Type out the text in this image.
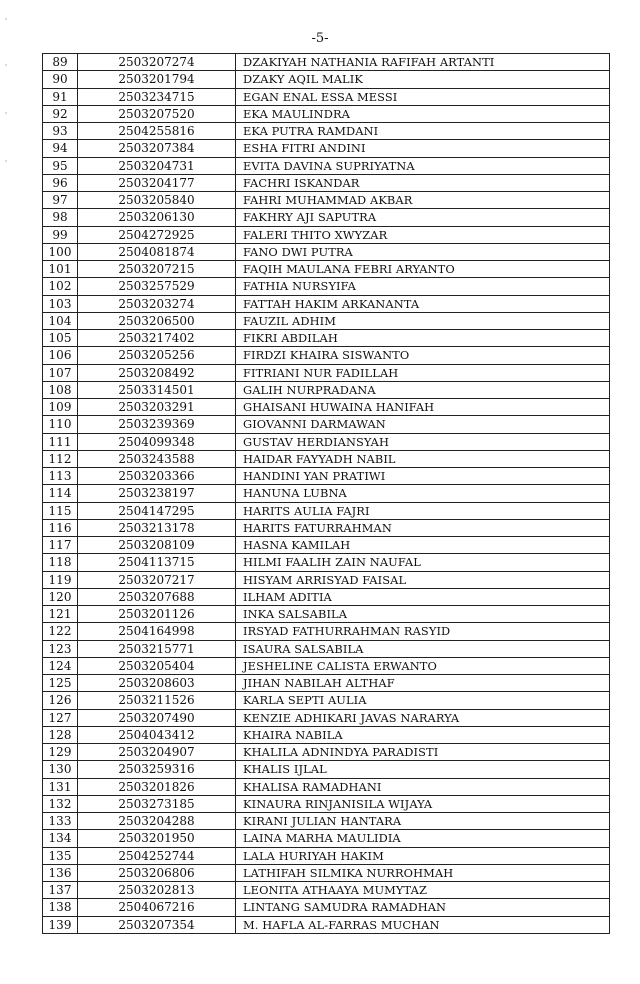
-5-
89	2503207274	DZAKIYAH NATHANIA RAFIFAH ARTANTI
90	2503201794	DZAKY AQIL MALIK
91	2503234715	EGAN ENAL ESSA MESSI
92	2503207520	EKA MAULINDRA
93	2504255816	EKA PUTRA RAMDANI
94	2503207384	ESHA FITRI ANDINI
95	2503204731	EVITA DAVINA SUPRIYATNA
96	2503204177	FACHRI ISKANDAR
97	2503205840	FAHRI MUHAMMAD AKBAR
98	2503206130	FAKHRY AJI SAPUTRA
99	2504272925	FALERI THITO XWYZAR
100	2504081874	FANO DWI PUTRA
101	2503207215	FAQIH MAULANA FEBRI ARYANTO
102	2503257529	FATHIA NURSYIFA
103	2503203274	FATTAH HAKIM ARKANANTA
104	2503206500	FAUZIL ADHIM
105	2503217402	FIKRI ABDILAH
106	2503205256	FIRDZI KHAIRA SISWANTO
107	2503208492	FITRIANI NUR FADILLAH
108	2503314501	GALIH NURPRADANA
109	2503203291	GHAISANI HUWAINA HANIFAH
110	2503239369	GIOVANNI DARMAWAN
111	2504099348	GUSTAV HERDIANSYAH
112	2503243588	HAIDAR FAYYADH NABIL
113	2503203366	HANDINI YAN PRATIWI
114	2503238197	HANUNA LUBNA
115	2504147295	HARITS AULIA FAJRI
116	2503213178	HARITS FATURRAHMAN
117	2503208109	HASNA KAMILAH
118	2504113715	HILMI FAALIH ZAIN NAUFAL
119	2503207217	HISYAM ARRISYAD FAISAL
120	2503207688	ILHAM ADITIA
121	2503201126	INKA SALSABILA
122	2504164998	IRSYAD FATHURRAHMAN RASYID
123	2503215771	ISAURA SALSABILA
124	2503205404	JESHELINE CALISTA ERWANTO
125	2503208603	JIHAN NABILAH ALTHAF
126	2503211526	KARLA SEPTI AULIA
127	2503207490	KENZIE ADHIKARI JAVAS NARARYA
128	2504043412	KHAIRA NABILA
129	2503204907	KHALILA ADNINDYA PARADISTI
130	2503259316	KHALIS IJLAL
131	2503201826	KHALISA RAMADHANI
132	2503273185	KINAURA RINJANISILA WIJAYA
133	2503204288	KIRANI JULIAN HANTARA
134	2503201950	LAINA MARHA MAULIDIA
135	2504252744	LALA HURIYAH HAKIM
136	2503206806	LATHIFAH SILMIKA NURROHMAH
137	2503202813	LEONITA ATHAAYA MUMYTAZ
138	2504067216	LINTANG SAMUDRA RAMADHAN
139	2503207354	M. HAFLA AL-FARRAS MUCHAN
